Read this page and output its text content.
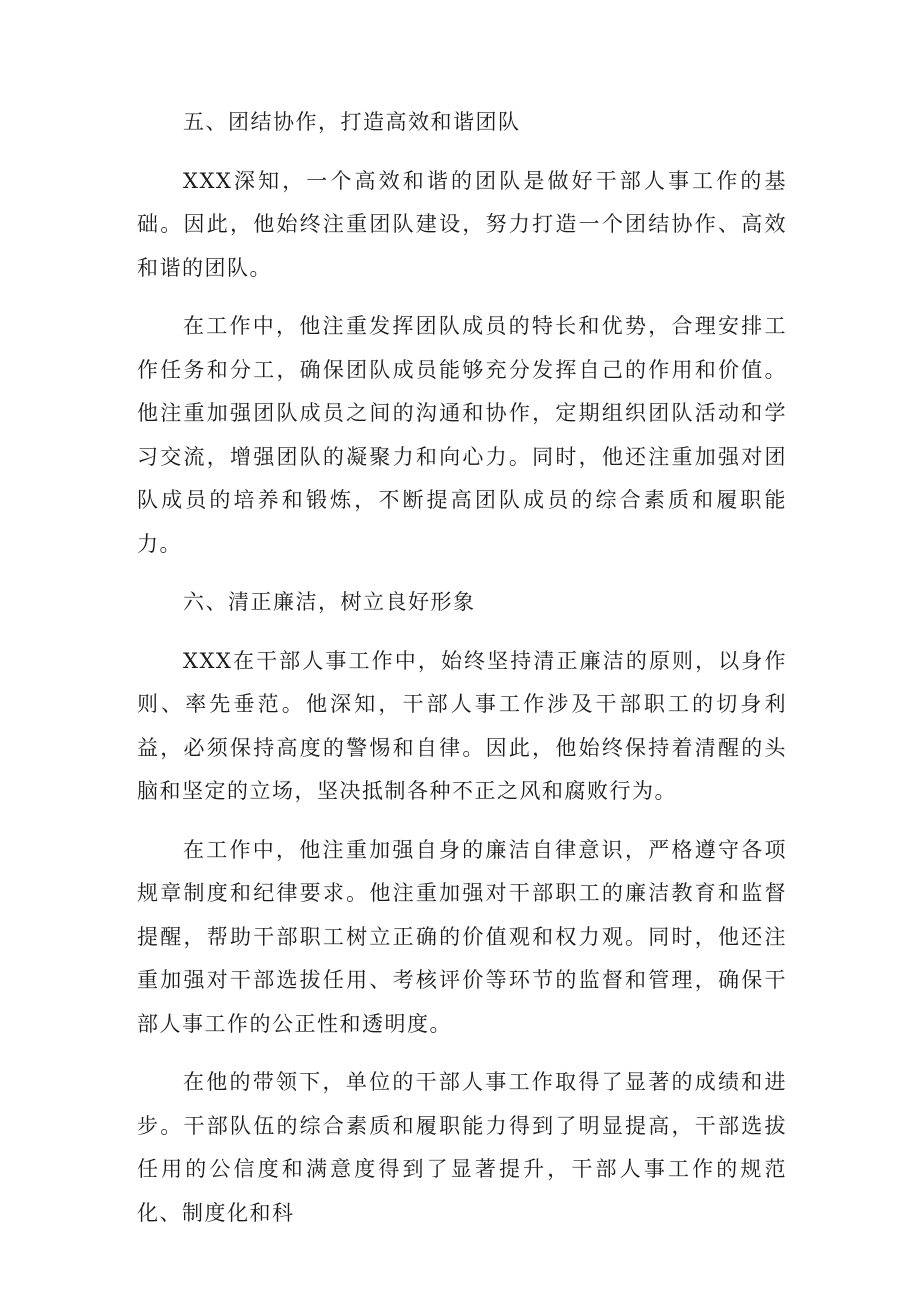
五、团结协作，打造高效和谐团队

XXX深知，一个高效和谐的团队是做好干部人事工作的基础。因此，他始终注重团队建设，努力打造一个团结协作、高效和谐的团队。

在工作中，他注重发挥团队成员的特长和优势，合理安排工作任务和分工，确保团队成员能够充分发挥自己的作用和价值。他注重加强团队成员之间的沟通和协作，定期组织团队活动和学习交流，增强团队的凝聚力和向心力。同时，他还注重加强对团队成员的培养和锻炼，不断提高团队成员的综合素质和履职能力。

六、清正廉洁，树立良好形象

XXX在干部人事工作中，始终坚持清正廉洁的原则，以身作则、率先垂范。他深知，干部人事工作涉及干部职工的切身利益，必须保持高度的警惕和自律。因此，他始终保持着清醒的头脑和坚定的立场，坚决抵制各种不正之风和腐败行为。

在工作中，他注重加强自身的廉洁自律意识，严格遵守各项规章制度和纪律要求。他注重加强对干部职工的廉洁教育和监督提醒，帮助干部职工树立正确的价值观和权力观。同时，他还注重加强对干部选拔任用、考核评价等环节的监督和管理，确保干部人事工作的公正性和透明度。

在他的带领下，单位的干部人事工作取得了显著的成绩和进步。干部队伍的综合素质和履职能力得到了明显提高，干部选拔任用的公信度和满意度得到了显著提升，干部人事工作的规范化、制度化和科
